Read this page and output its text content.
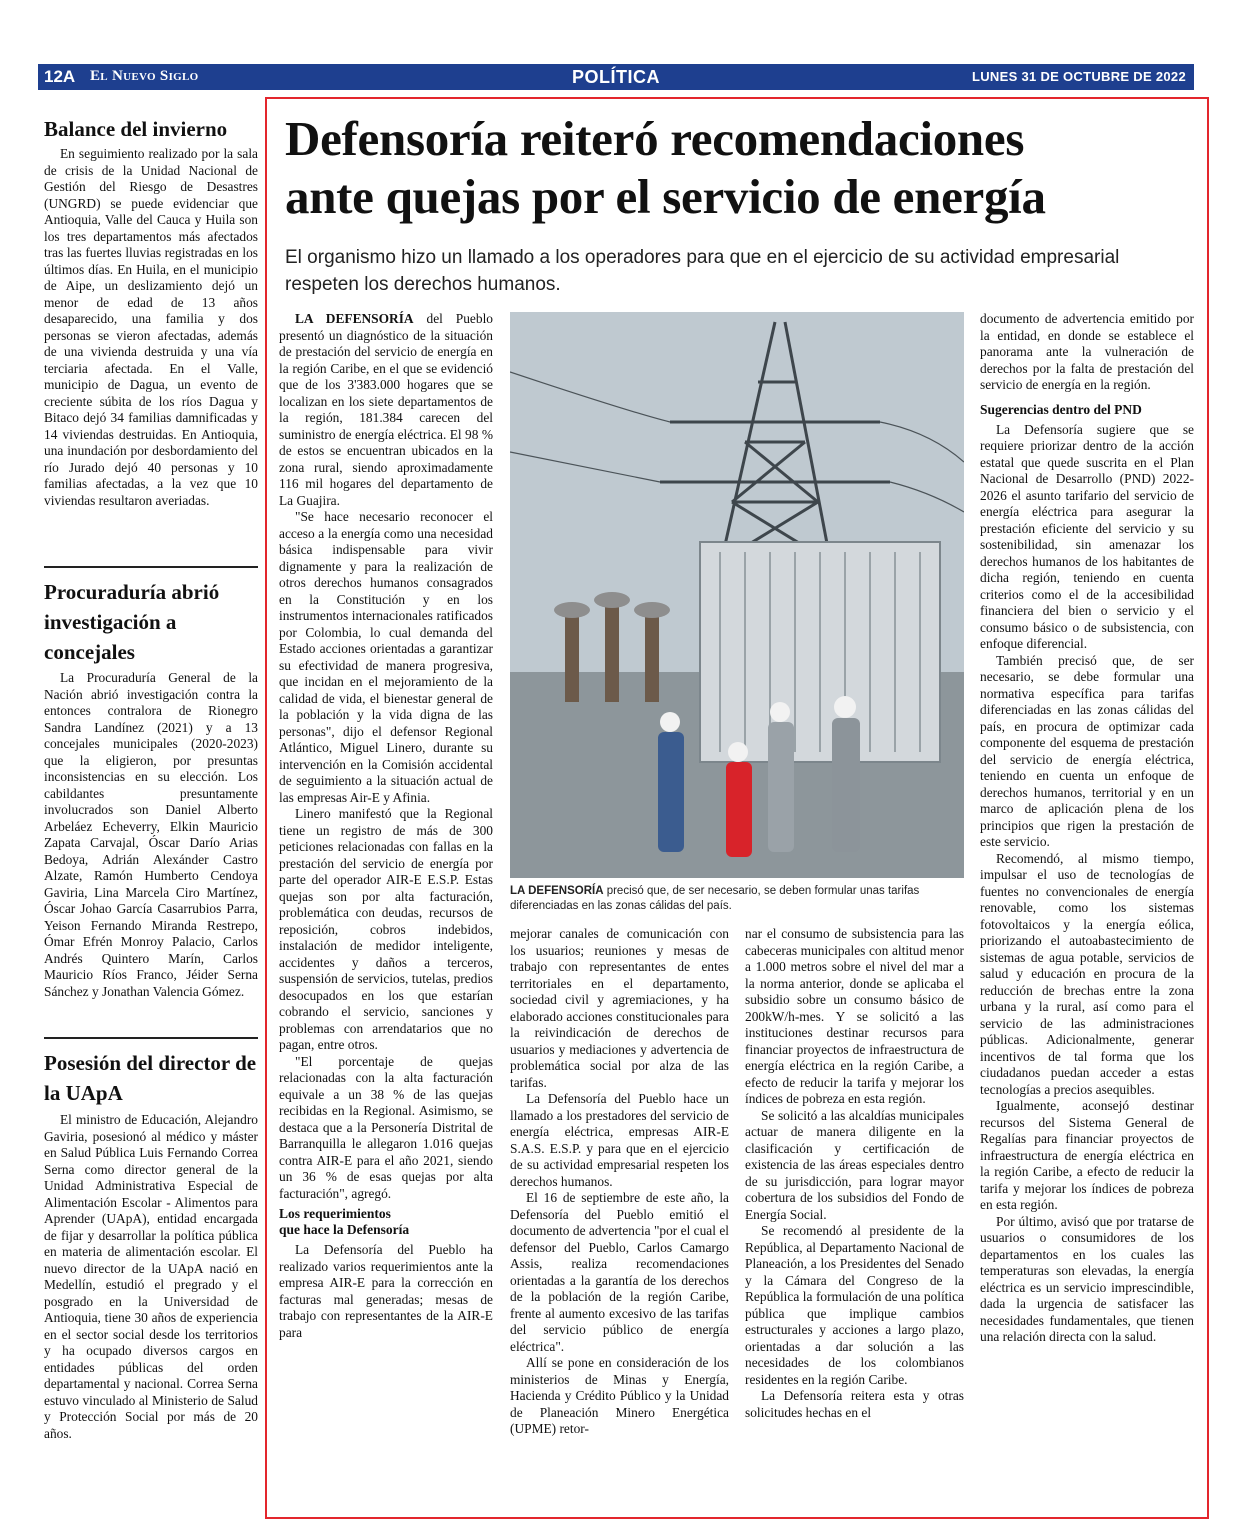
12A El Nuevo Siglo	POLÍTICA	LUNES 31 DE OCTUBRE DE 2022
Balance del invierno

En seguimiento realizado por la sala de crisis de la Unidad Nacional de Gestión del Riesgo de Desastres (UNGRD) se puede evidenciar que Antioquia, Valle del Cauca y Huila son los tres departamentos más afectados tras las fuertes lluvias registradas en los últimos días. En Huila, en el municipio de Aipe, un deslizamiento dejó un menor de edad de 13 años desaparecido, una familia y dos personas se vieron afectadas, además de una vivienda destruida y una vía terciaria afectada. En el Valle, municipio de Dagua, un evento de creciente súbita de los ríos Dagua y Bitaco dejó 34 familias damnificadas y 14 viviendas destruidas. En Antioquia, una inundación por desbordamiento del río Jurado dejó 40 personas y 10 familias afectadas, a la vez que 10 viviendas resultaron averiadas.

Procuraduría abrió investigación a concejales

La Procuraduría General de la Nación abrió investigación contra la entonces contralora de Rionegro Sandra Landínez (2021) y a 13 concejales municipales (2020-2023) que la eligieron, por presuntas inconsistencias en su elección. Los cabildantes presuntamente involucrados son Daniel Alberto Arbeláez Echeverry, Elkin Mauricio Zapata Carvajal, Óscar Darío Arias Bedoya, Adrián Alexánder Castro Alzate, Ramón Humberto Cendoya Gaviria, Lina Marcela Ciro Martínez, Óscar Johao García Casarrubios Parra, Yeison Fernando Miranda Restrepo, Ómar Efrén Monroy Palacio, Carlos Andrés Quintero Marín, Carlos Mauricio Ríos Franco, Jéider Serna Sánchez y Jonathan Valencia Gómez.

Posesión del director de la UApA

El ministro de Educación, Alejandro Gaviria, posesionó al médico y máster en Salud Pública Luis Fernando Correa Serna como director general de la Unidad Administrativa Especial de Alimentación Escolar - Alimentos para Aprender (UApA), entidad encargada de fijar y desarrollar la política pública en materia de alimentación escolar. El nuevo director de la UApA nació en Medellín, estudió el pregrado y el posgrado en la Universidad de Antioquia, tiene 30 años de experiencia en el sector social desde los territorios y ha ocupado diversos cargos en entidades públicas del orden departamental y nacional. Correa Serna estuvo vinculado al Ministerio de Salud y Protección Social por más de 20 años.

Defensoría reiteró recomendaciones
ante quejas por el servicio de energía
El organismo hizo un llamado a los operadores para que en el ejercicio de su actividad empresarial respeten los derechos humanos.

LA DEFENSORÍA del Pueblo presentó un diagnóstico de la situación de prestación del servicio de energía en la región Caribe, en el que se evidenció que de los 3'383.000 hogares que se localizan en los siete departamentos de la región, 181.384 carecen del suministro de energía eléctrica. El 98 % de estos se encuentran ubicados en la zona rural, siendo aproximadamente 116 mil hogares del departamento de La Guajira.

"Se hace necesario reconocer el acceso a la energía como una necesidad básica indispensable para vivir dignamente y para la realización de otros derechos humanos consagrados en la Constitución y en los instrumentos internacionales ratificados por Colombia, lo cual demanda del Estado acciones orientadas a garantizar su efectividad de manera progresiva, que incidan en el mejoramiento de la calidad de vida, el bienestar general de la población y la vida digna de las personas", dijo el defensor Regional Atlántico, Miguel Linero, durante su intervención en la Comisión accidental de seguimiento a la situación actual de las empresas Air-E y Afinia.

Linero manifestó que la Regional tiene un registro de más de 300 peticiones relacionadas con fallas en la prestación del servicio de energía por parte del operador AIR-E E.S.P. Estas quejas son por alta facturación, problemática con deudas, recursos de reposición, cobros indebidos, instalación de medidor inteligente, accidentes y daños a terceros, suspensión de servicios, tutelas, predios desocupados en los que estarían cobrando el servicio, sanciones y problemas con arrendatarios que no pagan, entre otros.

"El porcentaje de quejas relacionadas con la alta facturación equivale a un 38 % de las quejas recibidas en la Regional. Asimismo, se destaca que a la Personería Distrital de Barranquilla le allegaron 1.016 quejas contra AIR-E para el año 2021, siendo un 36 % de esas quejas por alta facturación", agregó.

Los requerimientos
que hace la Defensoría

La Defensoría del Pueblo ha realizado varios requerimientos ante la empresa AIR-E para la corrección en facturas mal generadas; mesas de trabajo con representantes de la AIR-E para

LA DEFENSORÍA precisó que, de ser necesario, se deben formular unas tarifas diferenciadas en las zonas cálidas del país.

mejorar canales de comunicación con los usuarios; reuniones y mesas de trabajo con representantes de entes territoriales en el departamento, sociedad civil y agremiaciones, y ha elaborado acciones constitucionales para la reivindicación de derechos de usuarios y mediaciones y advertencia de problemática social por alza de las tarifas.

La Defensoría del Pueblo hace un llamado a los prestadores del servicio de energía eléctrica, empresas AIR-E S.A.S. E.S.P. y para que en el ejercicio de su actividad empresarial respeten los derechos humanos.

El 16 de septiembre de este año, la Defensoría del Pueblo emitió el documento de advertencia "por el cual el defensor del Pueblo, Carlos Camargo Assis, realiza recomendaciones orientadas a la garantía de los derechos de la población de la región Caribe, frente al aumento excesivo de las tarifas del servicio público de energía eléctrica".

Allí se pone en consideración de los ministerios de Minas y Energía, Hacienda y Crédito Público y la Unidad de Planeación Minero Energética (UPME) retor-

nar el consumo de subsistencia para las cabeceras municipales con altitud menor a 1.000 metros sobre el nivel del mar a la norma anterior, donde se aplicaba el subsidio sobre un consumo básico de 200kW/h-mes. Y se solicitó a las instituciones destinar recursos para financiar proyectos de infraestructura de energía eléctrica en la región Caribe, a efecto de reducir la tarifa y mejorar los índices de pobreza en esta región.

Se solicitó a las alcaldías municipales actuar de manera diligente en la clasificación y certificación de existencia de las áreas especiales dentro de su jurisdicción, para lograr mayor cobertura de los subsidios del Fondo de Energía Social.

Se recomendó al presidente de la República, al Departamento Nacional de Planeación, a los Presidentes del Senado y la Cámara del Congreso de la República la formulación de una política pública que implique cambios estructurales y acciones a largo plazo, orientadas a dar solución a las necesidades de los colombianos residentes en la región Caribe.

La Defensoría reitera esta y otras solicitudes hechas en el

documento de advertencia emitido por la entidad, en donde se establece el panorama ante la vulneración de derechos por la falta de prestación del servicio de energía en la región.

Sugerencias dentro del PND

La Defensoría sugiere que se requiere priorizar dentro de la acción estatal que quede suscrita en el Plan Nacional de Desarrollo (PND) 2022- 2026 el asunto tarifario del servicio de energía eléctrica para asegurar la prestación eficiente del servicio y su sostenibilidad, sin amenazar los derechos humanos de los habitantes de dicha región, teniendo en cuenta criterios como el de la accesibilidad financiera del bien o servicio y el consumo básico o de subsistencia, con enfoque diferencial.

También precisó que, de ser necesario, se debe formular una normativa específica para tarifas diferenciadas en las zonas cálidas del país, en procura de optimizar cada componente del esquema de prestación del servicio de energía eléctrica, teniendo en cuenta un enfoque de derechos humanos, territorial y en un marco de aplicación plena de los principios que rigen la prestación de este servicio.

Recomendó, al mismo tiempo, impulsar el uso de tecnologías de fuentes no convencionales de energía renovable, como los sistemas fotovoltaicos y la energía eólica, priorizando el autoabastecimiento de sistemas de agua potable, servicios de salud y educación en procura de la reducción de brechas entre la zona urbana y la rural, así como para el servicio de las administraciones públicas. Adicionalmente, generar incentivos de tal forma que los ciudadanos puedan acceder a estas tecnologías a precios asequibles.

Igualmente, aconsejó destinar recursos del Sistema General de Regalías para financiar proyectos de infraestructura de energía eléctrica en la región Caribe, a efecto de reducir la tarifa y mejorar los índices de pobreza en esta región.

Por último, avisó que por tratarse de usuarios o consumidores de los departamentos en los cuales las temperaturas son elevadas, la energía eléctrica es un servicio imprescindible, dada la urgencia de satisfacer las necesidades fundamentales, que tienen una relación directa con la salud.
